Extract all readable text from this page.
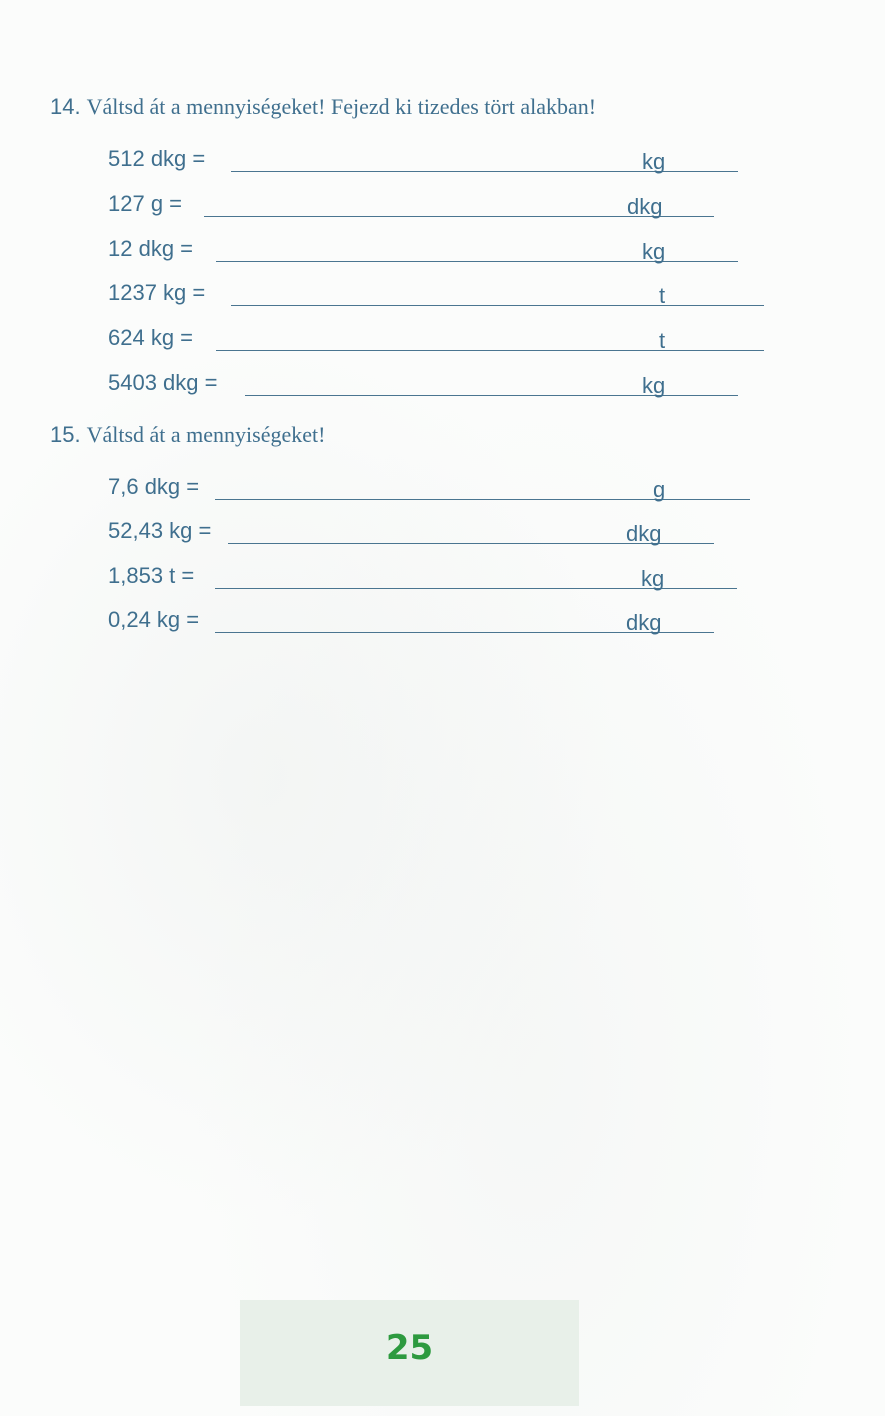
14. Váltsd át a mennyiségeket! Fejezd ki tizedes tört alakban!
512 dkg =	kg
127 g =	dkg
12 dkg =	kg
1237 kg =	t
624 kg =	t
5403 dkg =	kg
15. Váltsd át a mennyiségeket!
7,6 dkg =	g
52,43 kg =	dkg
1,853 t =	kg
0,24 kg =	dkg
25
